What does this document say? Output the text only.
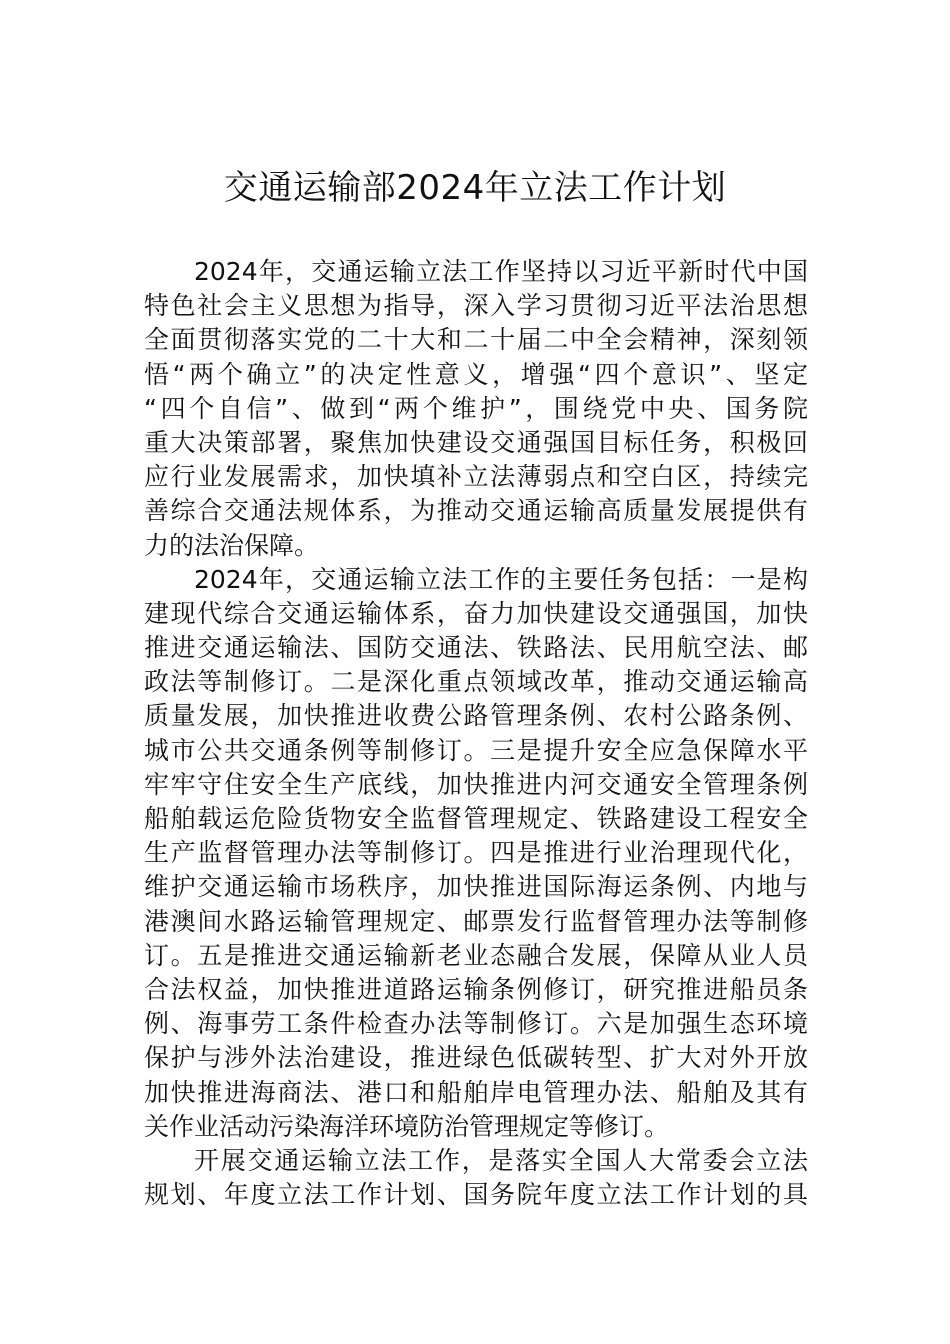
交通运输部2024年立法工作计划
2024年，交通运输立法工作坚持以习近平新时代中国
特色社会主义思想为指导，深入学习贯彻习近平法治思想
全面贯彻落实党的二十大和二十届二中全会精神，深刻领
悟“两个确立”的决定性意义，增强“四个意识”、坚定
“四个自信”、做到“两个维护”，围绕党中央、国务院
重大决策部署，聚焦加快建设交通强国目标任务，积极回
应行业发展需求，加快填补立法薄弱点和空白区，持续完
善综合交通法规体系，为推动交通运输高质量发展提供有
力的法治保障。
2024年，交通运输立法工作的主要任务包括：一是构
建现代综合交通运输体系，奋力加快建设交通强国，加快
推进交通运输法、国防交通法、铁路法、民用航空法、邮
政法等制修订。二是深化重点领域改革，推动交通运输高
质量发展，加快推进收费公路管理条例、农村公路条例、
城市公共交通条例等制修订。三是提升安全应急保障水平
牢牢守住安全生产底线，加快推进内河交通安全管理条例
船舶载运危险货物安全监督管理规定、铁路建设工程安全
生产监督管理办法等制修订。四是推进行业治理现代化，
维护交通运输市场秩序，加快推进国际海运条例、内地与
港澳间水路运输管理规定、邮票发行监督管理办法等制修
订。五是推进交通运输新老业态融合发展，保障从业人员
合法权益，加快推进道路运输条例修订，研究推进船员条
例、海事劳工条件检查办法等制修订。六是加强生态环境
保护与涉外法治建设，推进绿色低碳转型、扩大对外开放
加快推进海商法、港口和船舶岸电管理办法、船舶及其有
关作业活动污染海洋环境防治管理规定等修订。
开展交通运输立法工作，是落实全国人大常委会立法
规划、年度立法工作计划、国务院年度立法工作计划的具
